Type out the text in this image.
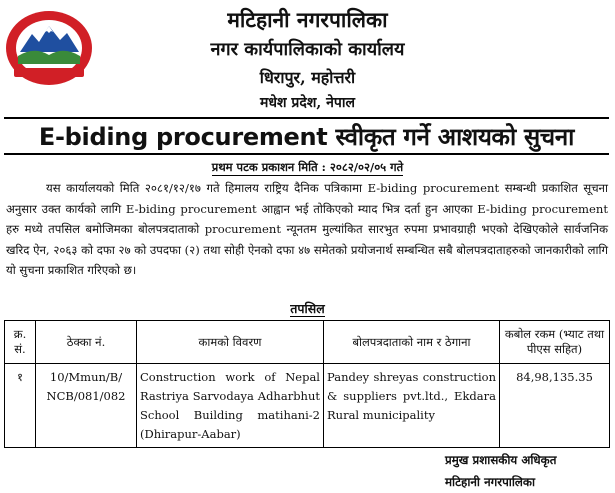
मटिहानी नगरपालिका
नगर कार्यपालिकाको कार्यालय
धिरापुर, महोत्तरी
मधेश प्रदेश, नेपाल
E-biding procurement स्वीकृत गर्ने आशयको सुचना
प्रथम पटक प्रकाशन मिति : २०८२/०२/०५ गते

यस कार्यालयको मिति २०८१/१२/१७ गते हिमालय राष्ट्रिय दैनिक पत्रिकामा E-biding procurement सम्बन्धी प्रकाशित सूचना अनुसार उक्त कार्यको लागि E-biding procurement आह्वान भई तोकिएको म्याद भित्र दर्ता हुन आएका E-biding procurement हरु मध्ये तपसिल बमोजिमका बोलपत्रदाताको procurement न्यूनतम मुल्यांकित सारभुत रुपमा प्रभावग्राही भएको देखिएकोले सार्वजनिक खरिद ऐन, २०६३ को दफा २७ को उपदफा (२) तथा सोही ऐनको दफा ४७ समेतको प्रयोजनार्थ सम्बन्धित सबै बोलपत्रदाताहरुको जानकारीको लागि यो सुचना प्रकाशित गरिएको छ।

तपसिल
क्र. सं.	ठेक्का नं.	कामको विवरण	बोलपत्रदाताको नाम र ठेगाना	कबोल रकम (भ्याट तथा पीएस सहित)
१	10/Mmun/B/ NCB/081/082	Construction work of Nepal Rastriya Sarvodaya Adharbhut School Building matihani-2 (Dhirapur-Aabar)	Pandey shreyas construction & suppliers pvt.ltd., Ekdara Rural municipality	84,98,135.35
प्रमुख प्रशासकीय अधिकृत
मटिहानी नगरपालिका
